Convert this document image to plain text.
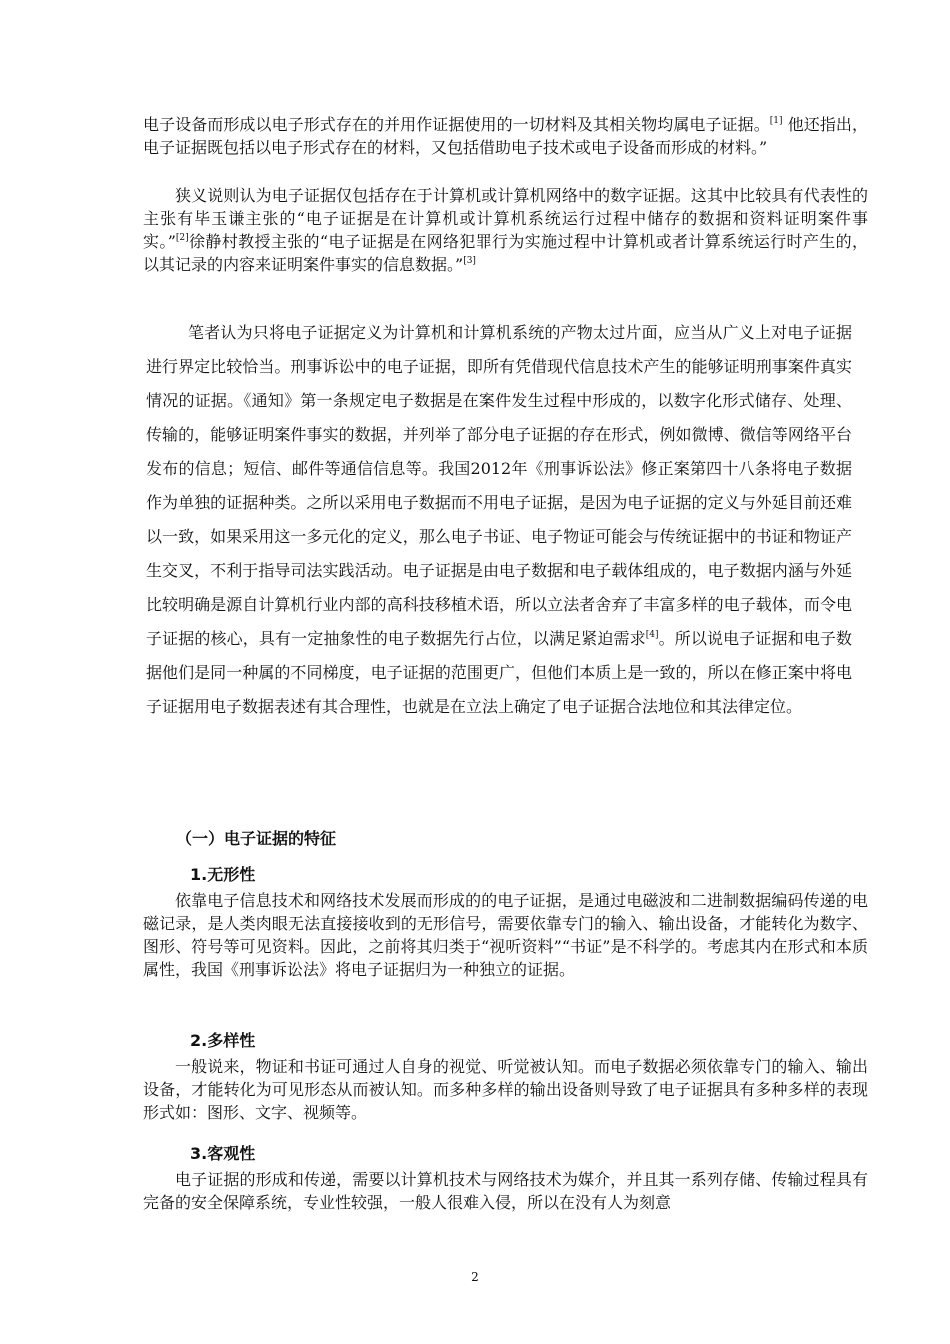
电子设备而形成以电子形式存在的并用作证据使用的一切材料及其相关物均属电子证据。[1] 他还指出，电子证据既包括以电子形式存在的材料，又包括借助电子技术或电子设备而形成的材料。”
狭义说则认为电子证据仅包括存在于计算机或计算机网络中的数字证据。这其中比较具有代表性的主张有毕玉谦主张的“电子证据是在计算机或计算机系统运行过程中储存的数据和资料证明案件事实。”[2]徐静村教授主张的“电子证据是在网络犯罪行为实施过程中计算机或者计算系统运行时产生的，以其记录的内容来证明案件事实的信息数据。”[3]
笔者认为只将电子证据定义为计算机和计算机系统的产物太过片面，应当从广义上对电子证据进行界定比较恰当。刑事诉讼中的电子证据，即所有凭借现代信息技术产生的能够证明刑事案件真实情况的证据。《通知》第一条规定电子数据是在案件发生过程中形成的，以数字化形式储存、处理、传输的，能够证明案件事实的数据，并列举了部分电子证据的存在形式，例如微博、微信等网络平台发布的信息；短信、邮件等通信信息等。我国2012年《刑事诉讼法》修正案第四十八条将电子数据作为单独的证据种类。之所以采用电子数据而不用电子证据，是因为电子证据的定义与外延目前还难以一致，如果采用这一多元化的定义，那么电子书证、电子物证可能会与传统证据中的书证和物证产生交叉，不利于指导司法实践活动。电子证据是由电子数据和电子载体组成的，电子数据内涵与外延比较明确是源自计算机行业内部的高科技移植术语，所以立法者舍弃了丰富多样的电子载体，而令电子证据的核心，具有一定抽象性的电子数据先行占位，以满足紧迫需求[4]。所以说电子证据和电子数据他们是同一种属的不同梯度，电子证据的范围更广，但他们本质上是一致的，所以在修正案中将电子证据用电子数据表述有其合理性，也就是在立法上确定了电子证据合法地位和其法律定位。
（一）电子证据的特征
1.无形性
依靠电子信息技术和网络技术发展而形成的的电子证据，是通过电磁波和二进制数据编码传递的电磁记录，是人类肉眼无法直接接收到的无形信号，需要依靠专门的输入、输出设备，才能转化为数字、图形、符号等可见资料。因此，之前将其归类于“视听资料”“书证”是不科学的。考虑其内在形式和本质属性，我国《刑事诉讼法》将电子证据归为一种独立的证据。
2.多样性
一般说来，物证和书证可通过人自身的视觉、听觉被认知。而电子数据必须依靠专门的输入、输出设备，才能转化为可见形态从而被认知。而多种多样的输出设备则导致了电子证据具有多种多样的表现形式如：图形、文字、视频等。
3.客观性
电子证据的形成和传递，需要以计算机技术与网络技术为媒介，并且其一系列存储、传输过程具有完备的安全保障系统，专业性较强，一般人很难入侵，所以在没有人为刻意
2
